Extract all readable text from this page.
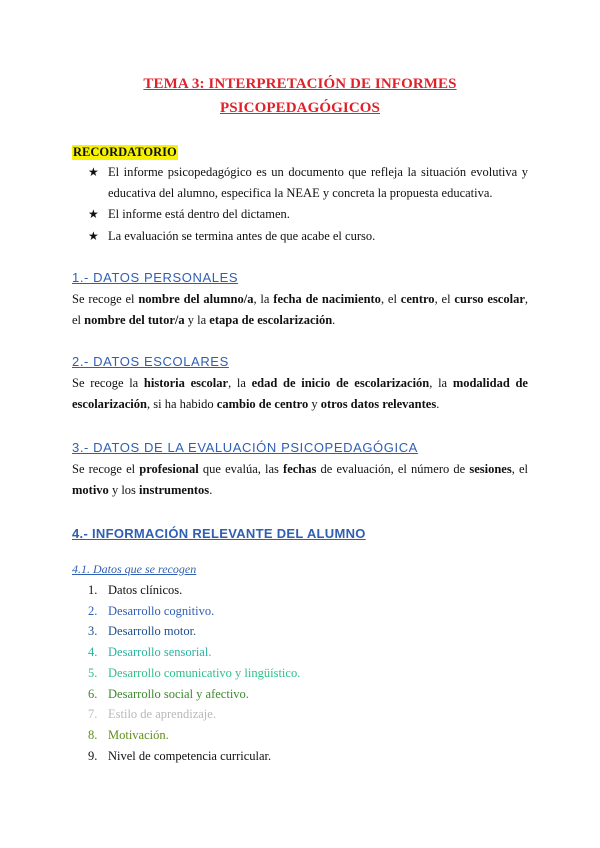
TEMA 3: INTERPRETACIÓN DE INFORMES
PSICOPEDAGÓGICOS
RECORDATORIO
★ El informe psicopedagógico es un documento que refleja la situación evolutiva y educativa del alumno, especifica la NEAE y concreta la propuesta educativa.
★ El informe está dentro del dictamen.
★ La evaluación se termina antes de que acabe el curso.
1.- DATOS PERSONALES

Se recoge el nombre del alumno/a, la fecha de nacimiento, el centro, el curso escolar, el nombre del tutor/a y la etapa de escolarización.

2.- DATOS ESCOLARES

Se recoge la historia escolar, la edad de inicio de escolarización, la modalidad de escolarización, si ha habido cambio de centro y otros datos relevantes.

3.- DATOS DE LA EVALUACIÓN PSICOPEDAGÓGICA

Se recoge el profesional que evalúa, las fechas de evaluación, el número de sesiones, el motivo y los instrumentos.

4.- INFORMACIÓN RELEVANTE DEL ALUMNO
4.1. Datos que se recogen
1. Datos clínicos.
2. Desarrollo cognitivo.
3. Desarrollo motor.
4. Desarrollo sensorial.
5. Desarrollo comunicativo y lingüístico.
6. Desarrollo social y afectivo.
7. Estilo de aprendizaje.
8. Motivación.
9. Nivel de competencia curricular.
